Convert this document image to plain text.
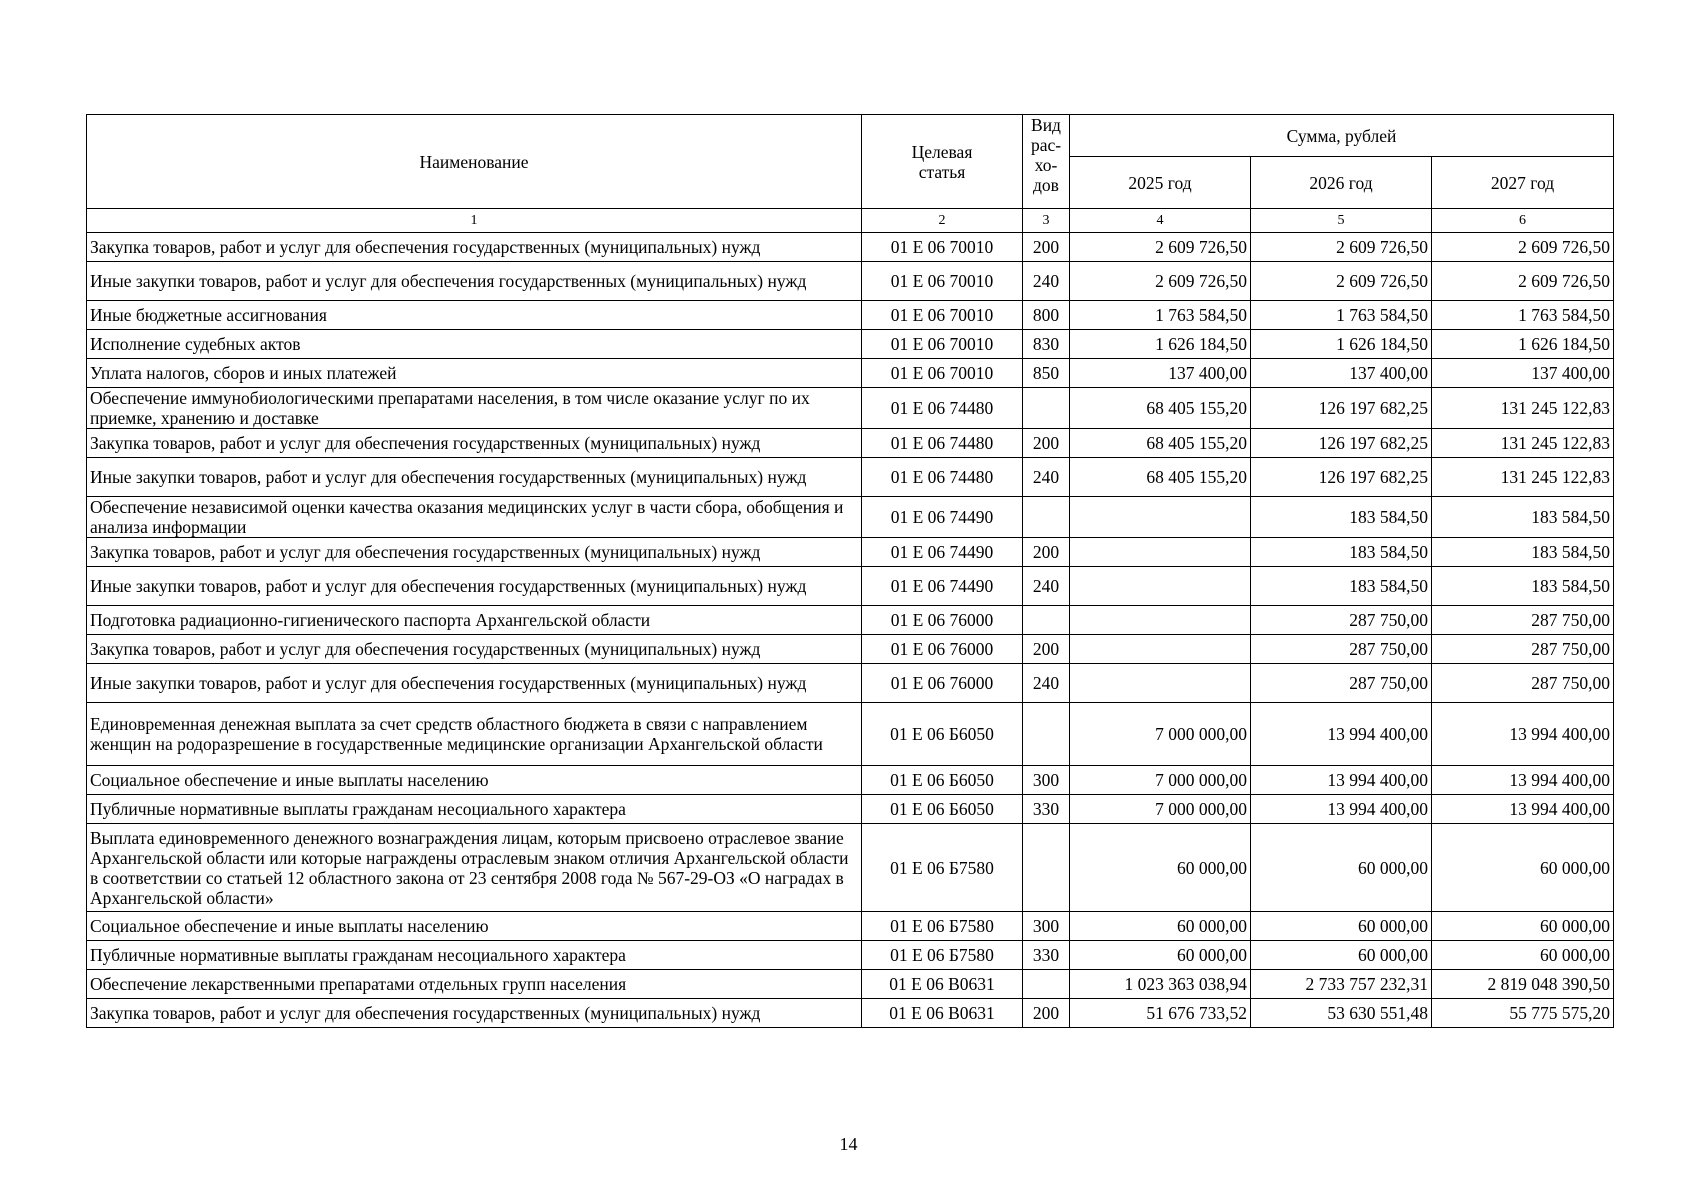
Наименование	Целевая статья	Вид рас- хо- дов	Сумма, рублей		
			2025 год	2026 год	2027 год
1	2	3	4	5	6
Закупка товаров, работ и услуг для обеспечения государственных (муниципальных) нужд	01 Е 06 70010	200	2 609 726,50	2 609 726,50	2 609 726,50
Иные закупки товаров, работ и услуг для обеспечения государственных (муниципальных) нужд	01 Е 06 70010	240	2 609 726,50	2 609 726,50	2 609 726,50
Иные бюджетные ассигнования	01 Е 06 70010	800	1 763 584,50	1 763 584,50	1 763 584,50
Исполнение судебных актов	01 Е 06 70010	830	1 626 184,50	1 626 184,50	1 626 184,50
Уплата налогов, сборов и иных платежей	01 Е 06 70010	850	137 400,00	137 400,00	137 400,00
Обеспечение иммунобиологическими препаратами населения, в том числе оказание услуг по их приемке, хранению и доставке	01 Е 06 74480		68 405 155,20	126 197 682,25	131 245 122,83
Закупка товаров, работ и услуг для обеспечения государственных (муниципальных) нужд	01 Е 06 74480	200	68 405 155,20	126 197 682,25	131 245 122,83
Иные закупки товаров, работ и услуг для обеспечения государственных (муниципальных) нужд	01 Е 06 74480	240	68 405 155,20	126 197 682,25	131 245 122,83
Обеспечение независимой оценки качества оказания медицинских услуг в части сбора, обобщения и анализа информации	01 Е 06 74490			183 584,50	183 584,50
Закупка товаров, работ и услуг для обеспечения государственных (муниципальных) нужд	01 Е 06 74490	200		183 584,50	183 584,50
Иные закупки товаров, работ и услуг для обеспечения государственных (муниципальных) нужд	01 Е 06 74490	240		183 584,50	183 584,50
Подготовка радиационно-гигиенического паспорта Архангельской области	01 Е 06 76000			287 750,00	287 750,00
Закупка товаров, работ и услуг для обеспечения государственных (муниципальных) нужд	01 Е 06 76000	200		287 750,00	287 750,00
Иные закупки товаров, работ и услуг для обеспечения государственных (муниципальных) нужд	01 Е 06 76000	240		287 750,00	287 750,00
Единовременная денежная выплата за счет средств областного бюджета в связи с направлением женщин на родоразрешение в государственные медицинские организации Архангельской области	01 Е 06 Б6050		7 000 000,00	13 994 400,00	13 994 400,00
Социальное обеспечение и иные выплаты населению	01 Е 06 Б6050	300	7 000 000,00	13 994 400,00	13 994 400,00
Публичные нормативные выплаты гражданам несоциального характера	01 Е 06 Б6050	330	7 000 000,00	13 994 400,00	13 994 400,00
Выплата единовременного денежного вознаграждения лицам, которым присвоено отраслевое звание Архангельской области или которые награждены отраслевым знаком отличия Архангельской области в соответствии со статьей 12 областного закона от 23 сентября 2008 года № 567-29-ОЗ «О наградах в Архангельской области»	01 Е 06 Б7580		60 000,00	60 000,00	60 000,00
Социальное обеспечение и иные выплаты населению	01 Е 06 Б7580	300	60 000,00	60 000,00	60 000,00
Публичные нормативные выплаты гражданам несоциального характера	01 Е 06 Б7580	330	60 000,00	60 000,00	60 000,00
Обеспечение лекарственными препаратами отдельных групп населения	01 Е 06 В0631		1 023 363 038,94	2 733 757 232,31	2 819 048 390,50
Закупка товаров, работ и услуг для обеспечения государственных (муниципальных) нужд	01 Е 06 В0631	200	51 676 733,52	53 630 551,48	55 775 575,20
14
